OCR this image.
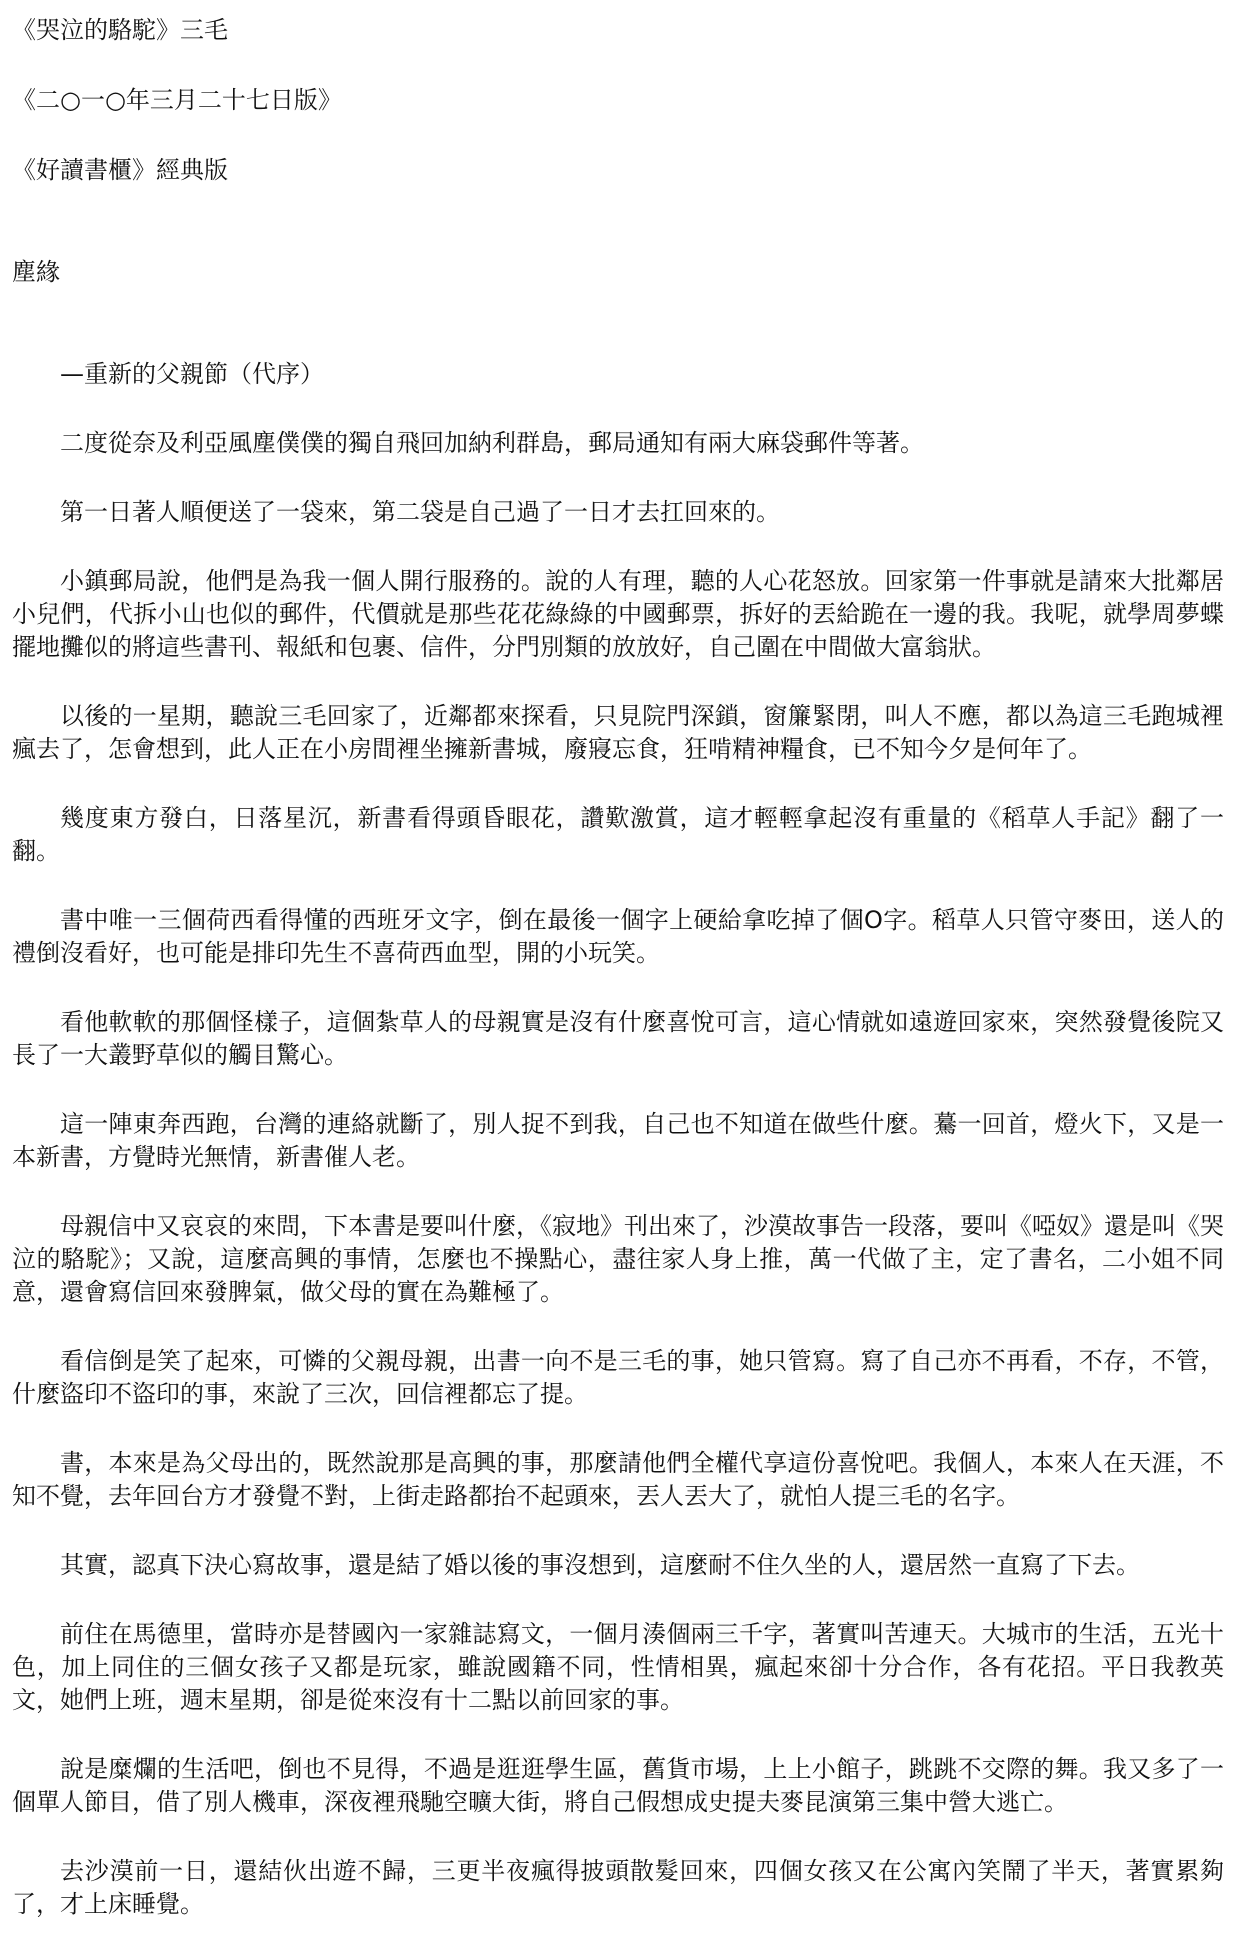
《哭泣的駱駝》三毛

《二○一○年三月二十七日版》

《好讀書櫃》經典版

塵緣

—重新的父親節（代序）

二度從奈及利亞風塵僕僕的獨自飛回加納利群島，郵局通知有兩大麻袋郵件等著。

第一日著人順便送了一袋來，第二袋是自己過了一日才去扛回來的。

小鎮郵局說，他們是為我一個人開行服務的。說的人有理，聽的人心花怒放。回家第一件事就是請來大批鄰居小兒們，代拆小山也似的郵件，代價就是那些花花綠綠的中國郵票，拆好的丟給跪在一邊的我。我呢，就學周夢蝶擺地攤似的將這些書刊、報紙和包裹、信件，分門別類的放放好，自己圍在中間做大富翁狀。

以後的一星期，聽說三毛回家了，近鄰都來探看，只見院門深鎖，窗簾緊閉，叫人不應，都以為這三毛跑城裡瘋去了，怎會想到，此人正在小房間裡坐擁新書城，廢寢忘食，狂啃精神糧食，已不知今夕是何年了。

幾度東方發白，日落星沉，新書看得頭昏眼花，讚歎激賞，這才輕輕拿起沒有重量的《稻草人手記》翻了一翻。

書中唯一三個荷西看得懂的西班牙文字，倒在最後一個字上硬給拿吃掉了個O字。稻草人只管守麥田，送人的禮倒沒看好，也可能是排印先生不喜荷西血型，開的小玩笑。

看他軟軟的那個怪樣子，這個紮草人的母親實是沒有什麼喜悅可言，這心情就如遠遊回家來，突然發覺後院又長了一大叢野草似的觸目驚心。

這一陣東奔西跑，台灣的連絡就斷了，別人捉不到我，自己也不知道在做些什麼。驀一回首，燈火下，又是一本新書，方覺時光無情，新書催人老。

母親信中又哀哀的來問，下本書是要叫什麼，《寂地》刊出來了，沙漠故事告一段落，要叫《啞奴》還是叫《哭泣的駱駝》；又說，這麼高興的事情，怎麼也不操點心，盡往家人身上推，萬一代做了主，定了書名，二小姐不同意，還會寫信回來發脾氣，做父母的實在為難極了。

看信倒是笑了起來，可憐的父親母親，出書一向不是三毛的事，她只管寫。寫了自己亦不再看，不存，不管，什麼盜印不盜印的事，來說了三次，回信裡都忘了提。

書，本來是為父母出的，既然說那是高興的事，那麼請他們全權代享這份喜悅吧。我個人，本來人在天涯，不知不覺，去年回台方才發覺不對，上街走路都抬不起頭來，丟人丟大了，就怕人提三毛的名字。

其實，認真下決心寫故事，還是結了婚以後的事沒想到，這麼耐不住久坐的人，還居然一直寫了下去。

前住在馬德里，當時亦是替國內一家雜誌寫文，一個月湊個兩三千字，著實叫苦連天。大城市的生活，五光十色，加上同住的三個女孩子又都是玩家，雖說國籍不同，性情相異，瘋起來卻十分合作，各有花招。平日我教英文，她們上班，週末星期，卻是從來沒有十二點以前回家的事。

說是糜爛的生活吧，倒也不見得，不過是逛逛學生區，舊貨市場，上上小館子，跳跳不交際的舞。我又多了一個單人節目，借了別人機車，深夜裡飛馳空曠大街，將自己假想成史提夫麥昆演第三集中營大逃亡。

去沙漠前一日，還結伙出遊不歸，三更半夜瘋得披頭散髮回來，四個女孩又在公寓內笑鬧了半天，著實累夠了，才上床睡覺。
